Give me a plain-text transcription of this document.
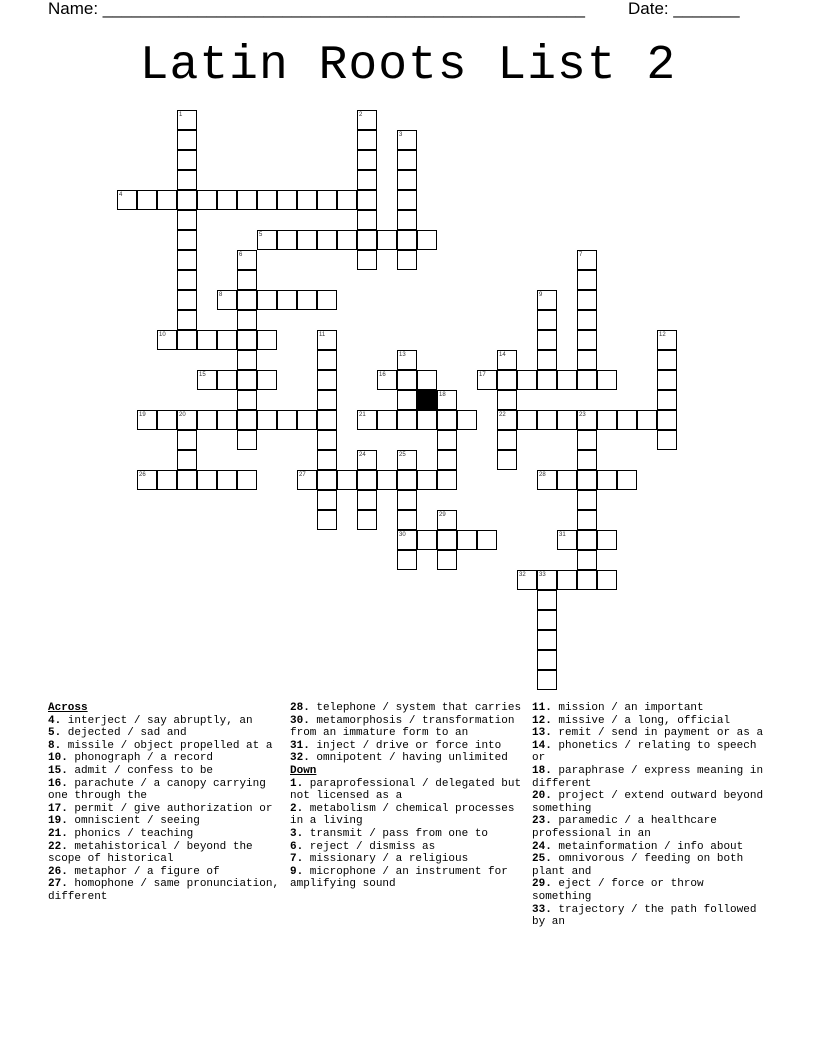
Name: ___________________________________________________	Date: _______
Latin Roots List 2
1	2
3
4
5
6	7
8	9
10	11	12
13	14
15	16	17
18
19	20	21	22	23
24	25
26	27	28
29
30	31
32 33
Across
4. interject / say abruptly, an
5. dejected / sad and
8. missile / object propelled at a
10. phonograph / a record
15. admit / confess to be
16. parachute / a canopy carrying one through the
17. permit / give authorization or
19. omniscient / seeing
21. phonics / teaching
22. metahistorical / beyond the scope of historical
26. metaphor / a figure of
27. homophone / same pronunciation, different
28. telephone / system that carries
30. metamorphosis / transformation from an immature form to an
31. inject / drive or force into
32. omnipotent / having unlimited
Down
1. paraprofessional / delegated but not licensed as a
2. metabolism / chemical processes in a living
3. transmit / pass from one to
6. reject / dismiss as
7. missionary / a religious
9. microphone / an instrument for amplifying sound
11. mission / an important
12. missive / a long, official
13. remit / send in payment or as a
14. phonetics / relating to speech or
18. paraphrase / express meaning in different
20. project / extend outward beyond something
23. paramedic / a healthcare professional in an
24. metainformation / info about
25. omnivorous / feeding on both plant and
29. eject / force or throw something
33. trajectory / the path followed by an
